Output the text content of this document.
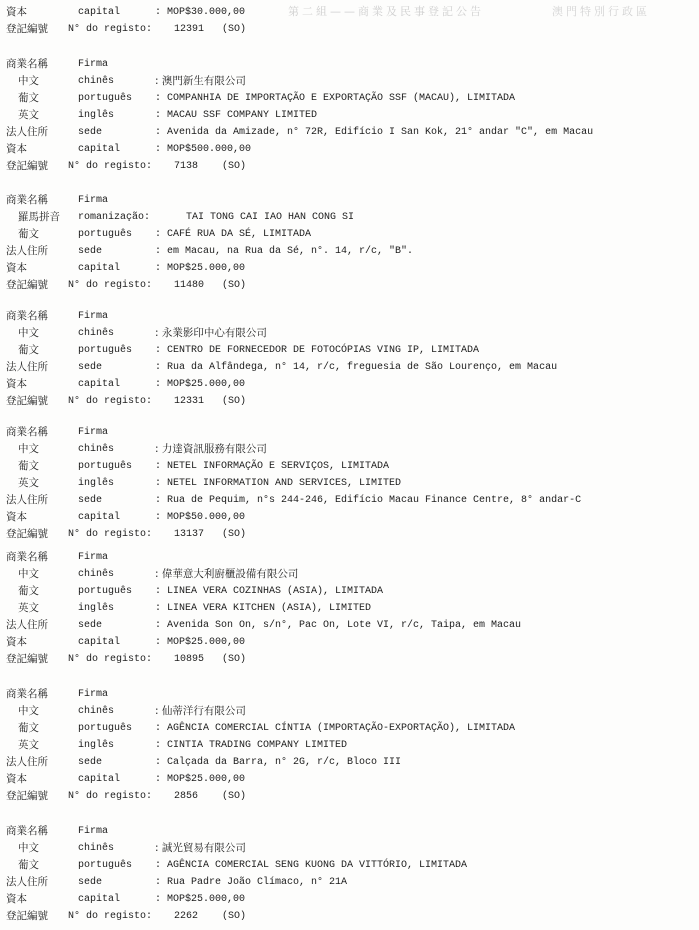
第二組——商業及民事登記公告	澳門特別行政區
資本	capital	: MOP$30.000,00
登記編號 N° do registo: 12391 (SO)
商業名稱	Firma
中文	chinês	: 澳門新生有限公司
葡文	português : COMPANHIA DE IMPORTAÇÃO E EXPORTAÇÃO SSF (MACAU), LIMITADA
英文	inglês	: MACAU SSF COMPANY LIMITED
法人住所	sede	: Avenida da Amizade, n° 72R, Edifício I San Kok, 21° andar "C", em Macau
資本	capital	: MOP$500.000,00
登記編號 N° do registo: 7138 (SO)
商業名稱	Firma
羅馬拼音 romanização:	TAI TONG CAI IAO HAN CONG SI
葡文	português : CAFÉ RUA DA SÉ, LIMITADA
法人住所	sede	: em Macau, na Rua da Sé, n°. 14, r/c, "B".
資本	capital	: MOP$25.000,00
登記編號 N° do registo: 11480 (SO)
商業名稱	Firma
中文	chinês	: 永業影印中心有限公司
葡文	português : CENTRO DE FORNECEDOR DE FOTOCÓPIAS VING IP, LIMITADA
法人住所	sede	: Rua da Alfândega, n° 14, r/c, freguesia de São Lourenço, em Macau
資本	capital	: MOP$25.000,00
登記編號 N° do registo: 12331 (SO)
商業名稱	Firma
中文	chinês	: 力達資訊服務有限公司
葡文	português : NETEL INFORMAÇÃO E SERVIÇOS, LIMITADA
英文	inglês	: NETEL INFORMATION AND SERVICES, LIMITED
法人住所	sede	: Rua de Pequim, n°s 244-246, Edifício Macau Finance Centre, 8° andar-C
資本	capital	: MOP$50.000,00
登記編號 N° do registo: 13137 (SO)
商業名稱	Firma
中文	chinês	: 偉華意大利廚櫃設備有限公司
葡文	português : LINEA VERA COZINHAS (ASIA), LIMITADA
英文	inglês	: LINEA VERA KITCHEN (ASIA), LIMITED
法人住所	sede	: Avenida Son On, s/n°, Pac On, Lote VI, r/c, Taipa, em Macau
資本	capital	: MOP$25.000,00
登記編號 N° do registo: 10895 (SO)
商業名稱	Firma
中文	chinês	: 仙蒂洋行有限公司
葡文	português : AGÊNCIA COMERCIAL CÍNTIA (IMPORTAÇÃO-EXPORTAÇÃO), LIMITADA
英文	inglês	: CINTIA TRADING COMPANY LIMITED
法人住所	sede	: Calçada da Barra, n° 2G, r/c, Bloco III
資本	capital	: MOP$25.000,00
登記編號 N° do registo: 2856 (SO)
商業名稱	Firma
中文	chinês	: 誠光貿易有限公司
葡文	português : AGÊNCIA COMERCIAL SENG KUONG DA VITTÓRIO, LIMITADA
法人住所	sede	: Rua Padre João Clímaco, n° 21A
資本	capital	: MOP$25.000,00
登記編號 N° do registo: 2262 (SO)
